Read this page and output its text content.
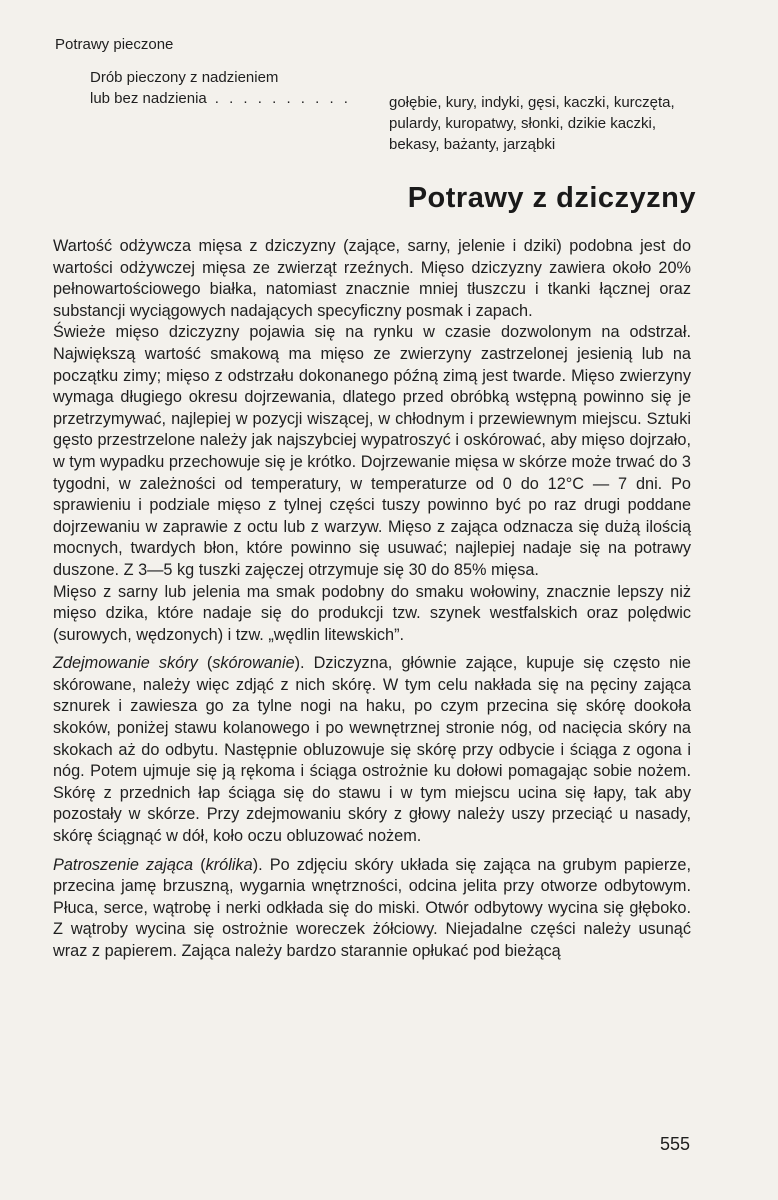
Potrawy pieczone
Drób pieczony z nadzieniem
lub bez nadzienia . . . . . . . . . .	gołębie, kury, indyki, gęsi, kaczki, kurczęta, pulardy, kuropatwy, słonki, dzikie kaczki, bekasy, bażanty, jarząbki
Potrawy z dziczyzny

Wartość odżywcza mięsa z dziczyzny (zające, sarny, jelenie i dziki) podobna jest do wartości odżywczej mięsa ze zwierząt rzeźnych. Mięso dziczyzny zawiera około 20% pełnowartościowego białka, natomiast znacznie mniej tłuszczu i tkanki łącznej oraz substancji wyciągowych nadających specyficzny posmak i zapach.

Świeże mięso dziczyzny pojawia się na rynku w czasie dozwolonym na odstrzał. Największą wartość smakową ma mięso ze zwierzyny zastrzelonej jesienią lub na początku zimy; mięso z odstrzału dokonanego późną zimą jest twarde. Mięso zwierzyny wymaga długiego okresu dojrzewania, dlatego przed obróbką wstępną powinno się je przetrzymywać, najlepiej w pozycji wiszącej, w chłodnym i przewiewnym miejscu. Sztuki gęsto przestrzelone należy jak najszybciej wypatroszyć i oskórować, aby mięso dojrzało, w tym wypadku przechowuje się je krótko. Dojrzewanie mięsa w skórze może trwać do 3 tygodni, w zależności od temperatury, w temperaturze od 0 do 12°C — 7 dni. Po sprawieniu i podziale mięso z tylnej części tuszy powinno być po raz drugi poddane dojrzewaniu w zaprawie z octu lub z warzyw. Mięso z zająca odznacza się dużą ilością mocnych, twardych błon, które powinno się usuwać; najlepiej nadaje się na potrawy duszone. Z 3—5 kg tuszki zajęczej otrzymuje się 30 do 85% mięsa.

Mięso z sarny lub jelenia ma smak podobny do smaku wołowiny, znacznie lepszy niż mięso dzika, które nadaje się do produkcji tzw. szynek westfalskich oraz polędwic (surowych, wędzonych) i tzw. „wędlin litewskich”.

Zdejmowanie skóry (skórowanie). Dziczyzna, głównie zające, kupuje się często nie skórowane, należy więc zdjąć z nich skórę. W tym celu nakłada się na pęciny zająca sznurek i zawiesza go za tylne nogi na haku, po czym przecina się skórę dookoła skoków, poniżej stawu kolanowego i po wewnętrznej stronie nóg, od nacięcia skóry na skokach aż do odbytu. Następnie obluzowuje się skórę przy odbycie i ściąga z ogona i nóg. Potem ujmuje się ją rękoma i ściąga ostrożnie ku dołowi pomagając sobie nożem. Skórę z przednich łap ściąga się do stawu i w tym miejscu ucina się łapy, tak aby pozostały w skórze. Przy zdejmowaniu skóry z głowy należy uszy przeciąć u nasady, skórę ściągnąć w dół, koło oczu obluzować nożem.

Patroszenie zająca (królika). Po zdjęciu skóry układa się zająca na grubym papierze, przecina jamę brzuszną, wygarnia wnętrzności, odcina jelita przy otworze odbytowym. Płuca, serce, wątrobę i nerki odkłada się do miski. Otwór odbytowy wycina się głęboko. Z wątroby wycina się ostrożnie woreczek żółciowy. Niejadalne części należy usunąć wraz z papierem. Zająca należy bardzo starannie opłukać pod bieżącą

555
